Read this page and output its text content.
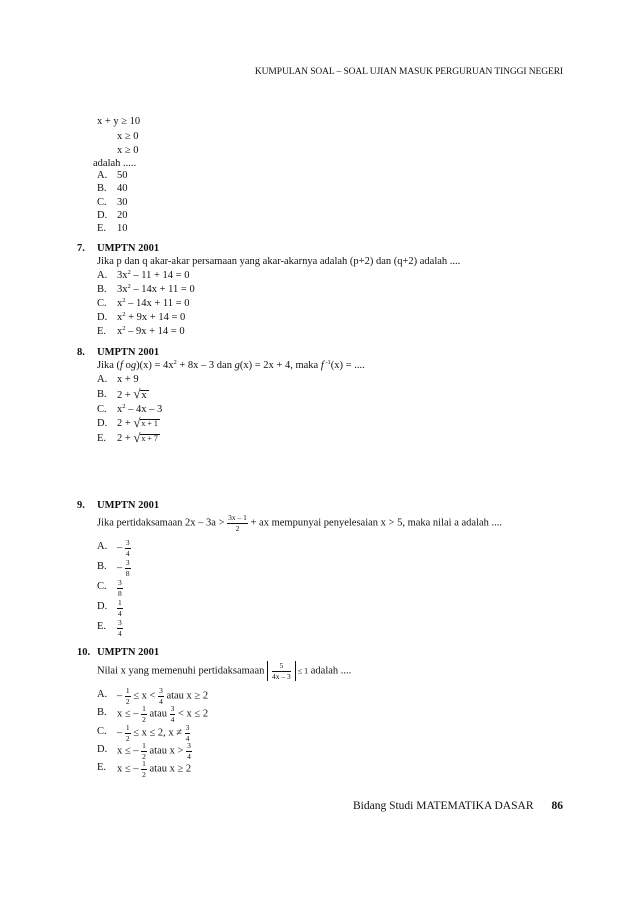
KUMPULAN SOAL – SOAL UJIAN MASUK PERGURUAN TINGGI NEGERI
x + y ≥ 10
x ≥ 0
x ≥ 0
adalah .....
A. 50
B. 40
C. 30
D. 20
E. 10
7. UMPTN 2001
Jika p dan q akar-akar persamaan yang akar-akarnya adalah (p+2) dan (q+2) adalah ....
A. $3x^2 - 11 + 14 = 0$
B. $3x^2 - 14x + 11 = 0$
C. $x^2 - 14x + 11 = 0$
D. $x^2 + 9x + 14 = 0$
E. $x^2 - 9x + 14 = 0$
8. UMPTN 2001
Jika (f $og)(x) = 4x^2 + 8x - 3$ dan g(x) = 2x + 4, maka f $^{-1}$(x) = ....
A. x + 9
B. 2 + √ x
C. $x^2 - 4x - 3$
D. 2 + √ x + 1
E. 2 + √ x + 7
9. UMPTN 2001
Jika pertidaksamaan $2x - 3a > \frac{3x - 1}{2}$ + ax mempunyai penyelesaian x > 5, maka nilai a adalah ....
A. – $\frac{3}{4}$
B. – $\frac{3}{8}$
C. $\frac{3}{8}$
D. $\frac{1}{4}$
E. $\frac{3}{4}$
10. UMPTN 2001
Nilai x yang memenuhi pertidaksamaan $\frac{5}{4x - 3} \le 1$ adalah ....
A. – $\frac{1}{2} \le x < \frac{3}{4}$ atau x ≥ 2
B. x ≤ – $\frac{1}{2}$ atau $\frac{3}{4} < x \le 2$
C. – $\frac{1}{2} \le x \le 2$, $x \ne \frac{3}{4}$
D. x ≤ – $\frac{1}{2}$ atau $x > \frac{3}{4}$
E. x ≤ – $\frac{1}{2}$ atau x ≥ 2
Bidang Studi MATEMATIKA DASAR 86
